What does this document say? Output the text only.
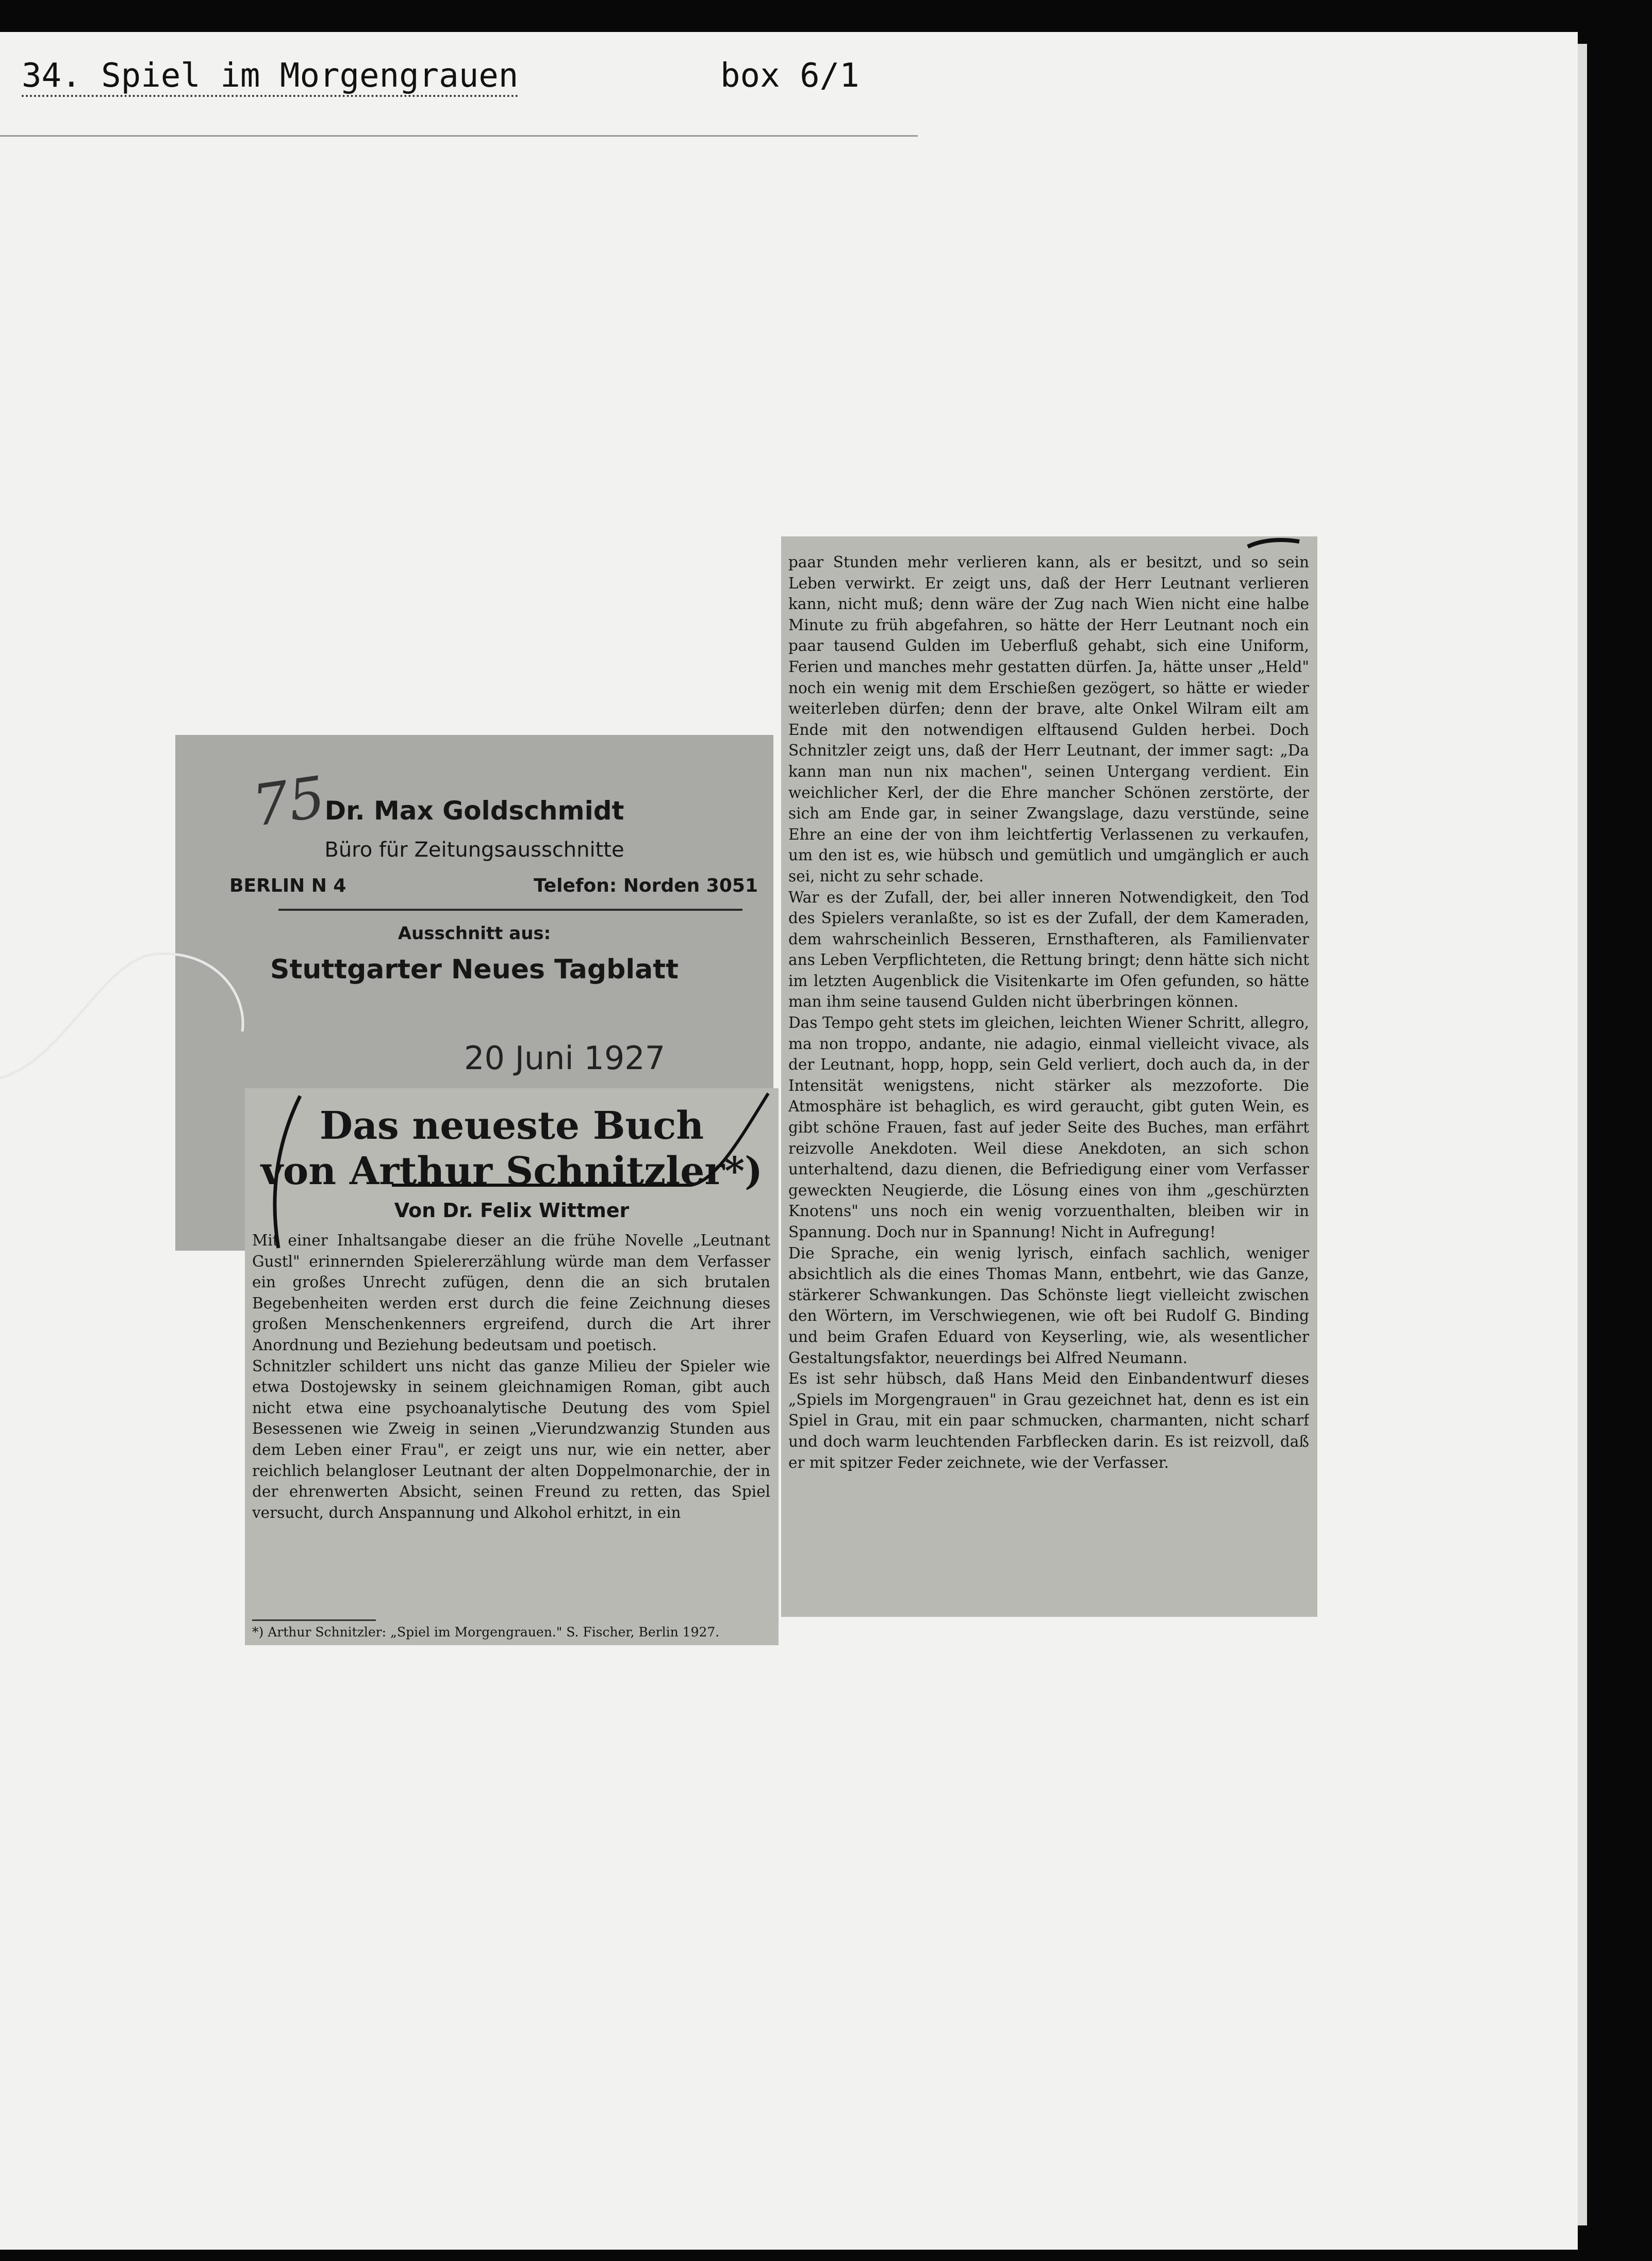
34. Spiel im Morgengrauen	box 6/1
75
Dr. Max Goldschmidt
Büro für Zeitungsausschnitte
BERLIN N 4	Telefon: Norden 3051
Ausschnitt aus:
Stuttgarter Neues Tagblatt
20 Juni 1927
Das neueste Buch
von Arthur Schnitzler*)
Von Dr. Felix Wittmer
Mit einer Inhaltsangabe dieser an die frühe Novelle „Leutnant Gustl" erinnernden Spielererzählung würde man dem Verfasser ein großes Unrecht zufügen, denn die an sich brutalen Begebenheiten werden erst durch die feine Zeichnung dieses großen Menschenkenners ergreifend, durch die Art ihrer Anordnung und Beziehung bedeutsam und poetisch.
Schnitzler schildert uns nicht das ganze Milieu der Spieler wie etwa Dostojewsky in seinem gleichnamigen Roman, gibt auch nicht etwa eine psychoanalytische Deutung des vom Spiel Besessenen wie Zweig in seinen „Vierundzwanzig Stunden aus dem Leben einer Frau", er zeigt uns nur, wie ein netter, aber reichlich belangloser Leutnant der alten Doppelmonarchie, der in der ehrenwerten Absicht, seinen Freund zu retten, das Spiel versucht, durch Anspannung und Alkohol erhitzt, in ein
*) Arthur Schnitzler: „Spiel im Morgengrauen." S. Fischer, Berlin 1927.
paar Stunden mehr verlieren kann, als er besitzt, und so sein Leben verwirkt. Er zeigt uns, daß der Herr Leutnant verlieren kann, nicht muß; denn wäre der Zug nach Wien nicht eine halbe Minute zu früh abgefahren, so hätte der Herr Leutnant noch ein paar tausend Gulden im Ueberfluß gehabt, sich eine Uniform, Ferien und manches mehr gestatten dürfen. Ja, hätte unser „Held" noch ein wenig mit dem Erschießen gezögert, so hätte er wieder weiterleben dürfen; denn der brave, alte Onkel Wilram eilt am Ende mit den notwendigen elftausend Gulden herbei. Doch Schnitzler zeigt uns, daß der Herr Leutnant, der immer sagt: „Da kann man nun nix machen", seinen Untergang verdient. Ein weichlicher Kerl, der die Ehre mancher Schönen zerstörte, der sich am Ende gar, in seiner Zwangslage, dazu verstünde, seine Ehre an eine der von ihm leichtfertig Verlassenen zu verkaufen, um den ist es, wie hübsch und gemütlich und umgänglich er auch sei, nicht zu sehr schade.
War es der Zufall, der, bei aller inneren Notwendigkeit, den Tod des Spielers veranlaßte, so ist es der Zufall, der dem Kameraden, dem wahrscheinlich Besseren, Ernsthafteren, als Familienvater ans Leben Verpflichteten, die Rettung bringt; denn hätte sich nicht im letzten Augenblick die Visitenkarte im Ofen gefunden, so hätte man ihm seine tausend Gulden nicht überbringen können.
Das Tempo geht stets im gleichen, leichten Wiener Schritt, allegro, ma non troppo, andante, nie adagio, einmal vielleicht vivace, als der Leutnant, hopp, hopp, sein Geld verliert, doch auch da, in der Intensität wenigstens, nicht stärker als mezzoforte. Die Atmosphäre ist behaglich, es wird geraucht, gibt guten Wein, es gibt schöne Frauen, fast auf jeder Seite des Buches, man erfährt reizvolle Anekdoten. Weil diese Anekdoten, an sich schon unterhaltend, dazu dienen, die Befriedigung einer vom Verfasser geweckten Neugierde, die Lösung eines von ihm „geschürzten Knotens" uns noch ein wenig vorzuenthalten, bleiben wir in Spannung. Doch nur in Spannung! Nicht in Aufregung!
Die Sprache, ein wenig lyrisch, einfach sachlich, weniger absichtlich als die eines Thomas Mann, entbehrt, wie das Ganze, stärkerer Schwankungen. Das Schönste liegt vielleicht zwischen den Wörtern, im Verschwiegenen, wie oft bei Rudolf G. Binding und beim Grafen Eduard von Keyserling, wie, als wesentlicher Gestaltungsfaktor, neuerdings bei Alfred Neumann.
Es ist sehr hübsch, daß Hans Meid den Einbandentwurf dieses „Spiels im Morgengrauen" in Grau gezeichnet hat, denn es ist ein Spiel in Grau, mit ein paar schmucken, charmanten, nicht scharf und doch warm leuchtenden Farbflecken darin. Es ist reizvoll, daß er mit spitzer Feder zeichnete, wie der Verfasser.
